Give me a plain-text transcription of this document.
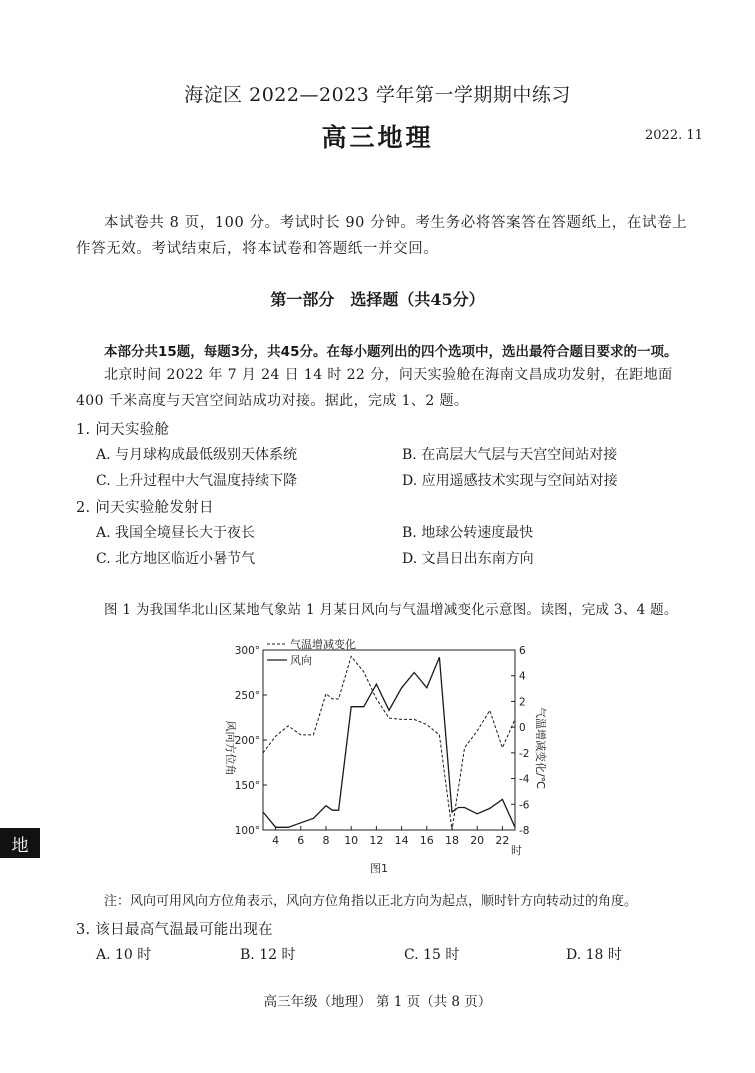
海淀区 2022—2023 学年第一学期期中练习
高三地理	2022. 11
本试卷共 8 页，100 分。考试时长 90 分钟。考生务必将答案答在答题纸上，在试卷上作答无效。考试结束后，将本试卷和答题纸一并交回。
第一部分　选择题（共45分）
本部分共15题，每题3分，共45分。在每小题列出的四个选项中，选出最符合题目要求的一项。
北京时间 2022 年 7 月 24 日 14 时 22 分，问天实验舱在海南文昌成功发射，在距地面 400 千米高度与天宫空间站成功对接。据此，完成 1、2 题。
1. 问天实验舱
A. 与月球构成最低级别天体系统	B. 在高层大气层与天宫空间站对接
C. 上升过程中大气温度持续下降	D. 应用遥感技术实现与空间站对接
2. 问天实验舱发射日
A. 我国全境昼长大于夜长	B. 地球公转速度最快
C. 北方地区临近小暑节气	D. 文昌日出东南方向
图 1 为我国华北山区某地气象站 1 月某日风向与气温增减变化示意图。读图，完成 3、4 题。
4 6 8 10 12 14 16 18 20 22
100°
150°
200°
250°
300°	6
4
2
0
-2
-4
-6
-8
风向方位角	气温增减变化/℃
时
图1
气温增减变化
风向
地
注：风向可用风向方位角表示，风向方位角指以正北方向为起点，顺时针方向转动过的角度。
3. 该日最高气温最可能出现在
A. 10 时	B. 12 时	C. 15 时	D. 18 时
高三年级（地理） 第 1 页（共 8 页）
